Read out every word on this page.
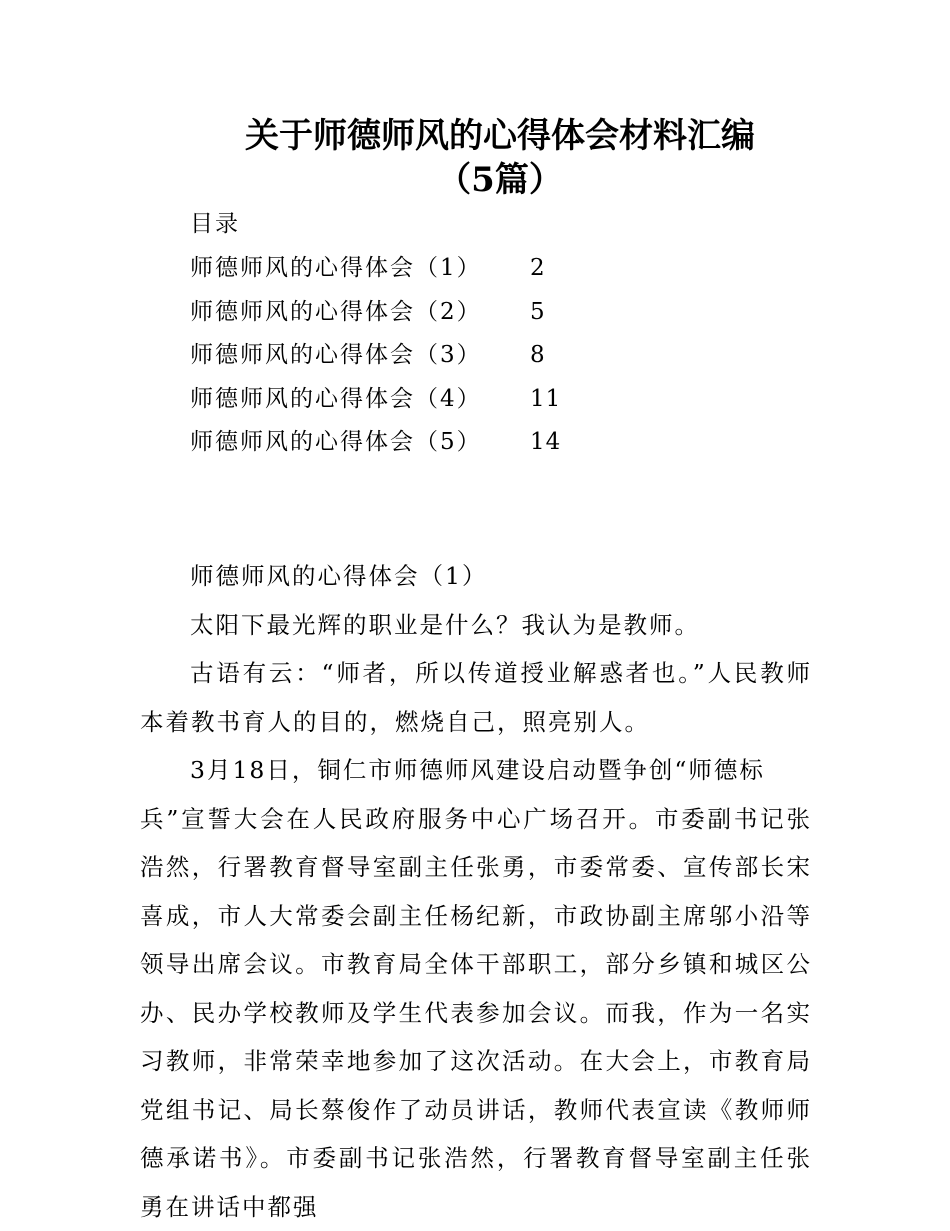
关于师德师风的心得体会材料汇编
（5篇）
目录
师德师风的心得体会（1） 2
师德师风的心得体会（2） 5
师德师风的心得体会（3） 8
师德师风的心得体会（4） 11
师德师风的心得体会（5） 14

师德师风的心得体会（1）

太阳下最光辉的职业是什么？我认为是教师。

古语有云：“师者，所以传道授业解惑者也。”人民教师本着教书育人的目的，燃烧自己，照亮别人。

3月18日，铜仁市师德师风建设启动暨争创“师德标
兵”宣誓大会在人民政府服务中心广场召开。市委副书记张浩然，行署教育督导室副主任张勇，市委常委、宣传部长宋喜成，市人大常委会副主任杨纪新，市政协副主席邬小沿等领导出席会议。市教育局全体干部职工，部分乡镇和城区公办、民办学校教师及学生代表参加会议。而我，作为一名实习教师，非常荣幸地参加了这次活动。在大会上，市教育局党组书记、局长蔡俊作了动员讲话，教师代表宣读《教师师德承诺书》。市委副书记张浩然，行署教育督导室副主任张勇在讲话中都强
